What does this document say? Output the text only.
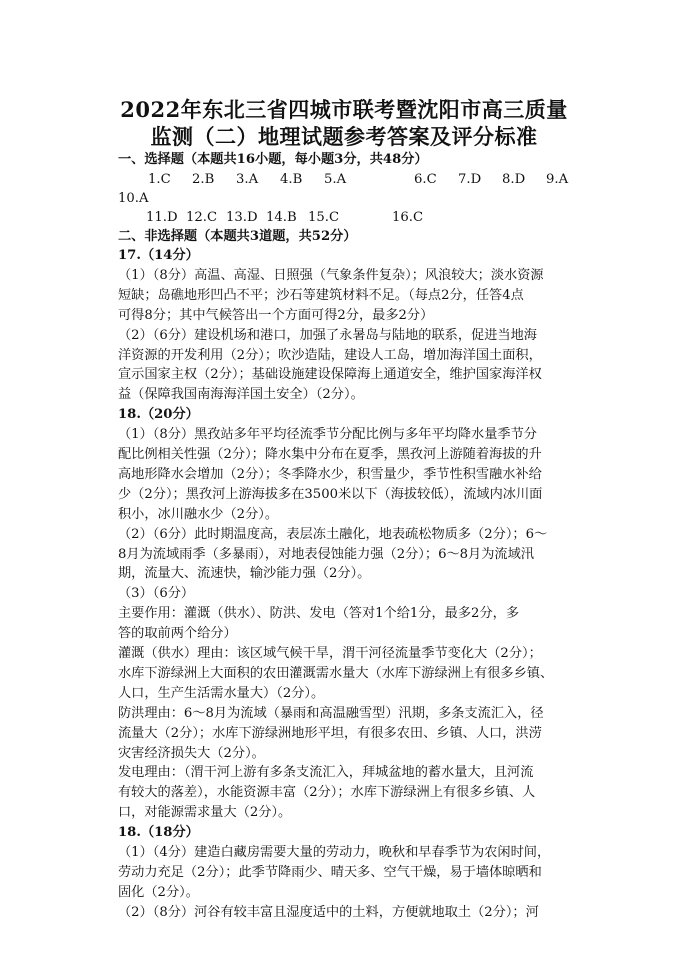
2022年东北三省四城市联考暨沈阳市高三质量
监测（二）地理试题参考答案及评分标准
一、选择题（本题共16小题，每小题3分，共48分）
1.C 2.B 3.A 4.B 5.A	6.C 7.D 8.D 9.A
10.A
11.D 12.C 13.D 14.B 15.C	16.C
二、非选择题（本题共3道题，共52分）
17.（14分）
（1）（8分）高温、高湿、日照强（气象条件复杂）；风浪较大；淡水资源
短缺；岛礁地形凹凸不平；沙石等建筑材料不足。（每点2分，任答4点
可得8分；其中气候答出一个方面可得2分，最多2分）
（2）（6分）建设机场和港口，加强了永暑岛与陆地的联系，促进当地海
洋资源的开发利用（2分）；吹沙造陆，建设人工岛，增加海洋国土面积，
宣示国家主权（2分）；基础设施建设保障海上通道安全，维护国家海洋权
益（保障我国南海海洋国土安全）（2分）。
18.（20分）
（1）（8分）黑孜站多年平均径流季节分配比例与多年平均降水量季节分
配比例相关性强（2分）；降水集中分布在夏季，黑孜河上游随着海拔的升
高地形降水会增加（2分）；冬季降水少，积雪量少，季节性积雪融水补给
少（2分）；黑孜河上游海拔多在3500米以下（海拔较低），流域内冰川面
积小，冰川融水少（2分）。
（2）（6分）此时期温度高，表层冻土融化，地表疏松物质多（2分）；6～
8月为流域雨季（多暴雨），对地表侵蚀能力强（2分）；6～8月为流域汛
期，流量大、流速快，输沙能力强（2分）。
（3）（6分）
主要作用：灌溉（供水）、防洪、发电（答对1个给1分，最多2分，多
答的取前两个给分）
灌溉（供水）理由：该区域气候干旱，渭干河径流量季节变化大（2分）；
水库下游绿洲上大面积的农田灌溉需水量大（水库下游绿洲上有很多乡镇、
人口，生产生活需水量大）（2分）。
防洪理由：6～8月为流域（暴雨和高温融雪型）汛期，多条支流汇入，径
流量大（2分）；水库下游绿洲地形平坦，有很多农田、乡镇、人口，洪涝
灾害经济损失大（2分）。
发电理由：（渭干河上游有多条支流汇入，拜城盆地的蓄水量大，且河流
有较大的落差），水能资源丰富（2分）；水库下游绿洲上有很多乡镇、人
口，对能源需求量大（2分）。
18.（18分）
（1）（4分）建造白藏房需要大量的劳动力，晚秋和早春季节为农闲时间，
劳动力充足（2分）；此季节降雨少、晴天多、空气干燥，易于墙体晾晒和
固化（2分）。
（2）（8分）河谷有较丰富且湿度适中的土料，方便就地取土（2分）；河
